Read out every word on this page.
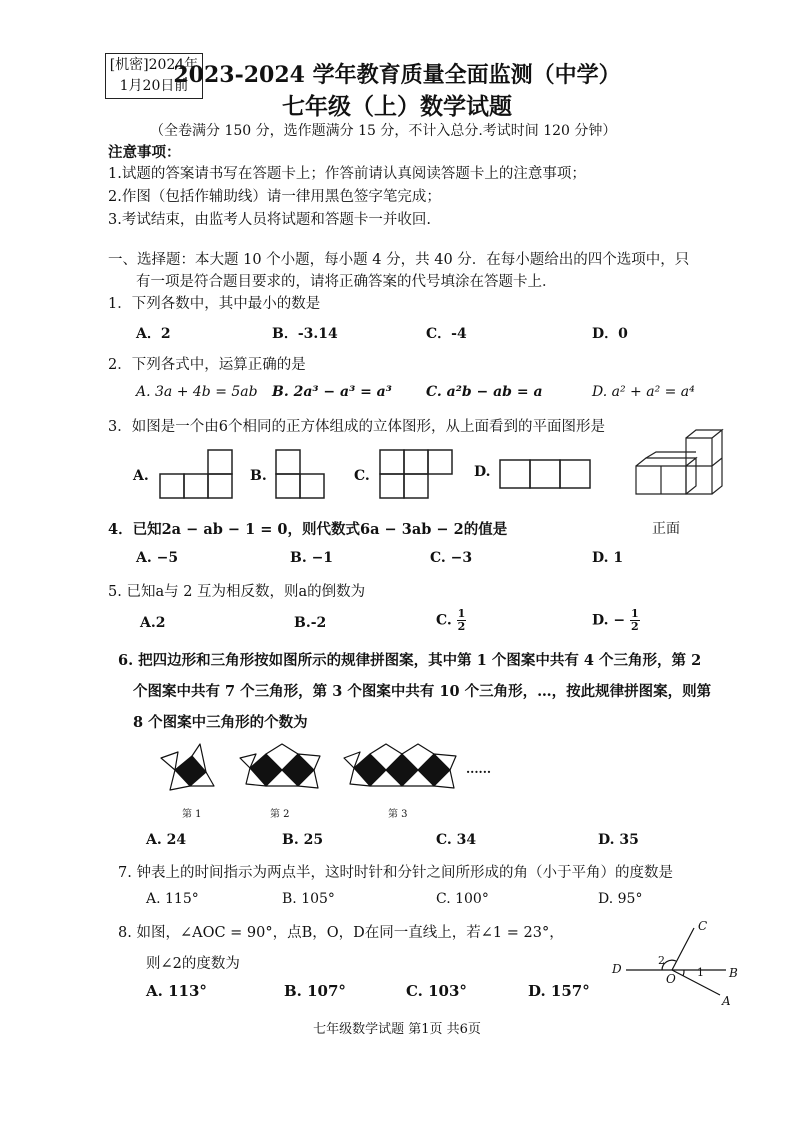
[机密]2024年
1月20日前
2023-2024 学年教育质量全面监测（中学）
七年级（上）数学试题
（全卷满分 150 分，选作题满分 15 分，不计入总分.考试时间 120 分钟）
注意事项：
1.试题的答案请书写在答题卡上；作答前请认真阅读答题卡上的注意事项；
2.作图（包括作辅助线）请一律用黑色签字笔完成；
3.考试结束，由监考人员将试题和答题卡一并收回.
一、选择题：本大题 10 个小题，每小题 4 分，共 40 分．在每小题给出的四个选项中，只
有一项是符合题目要求的，请将正确答案的代号填涂在答题卡上．
1．下列各数中，其中最小的数是
A．2	B．-3.14	C．-4	D．0
2．下列各式中，运算正确的是
A. 3a + 4b = 5ab B. 2a³ − a³ = a³ C. a²b − ab = a	D. a² + a² = a⁴
3．如图是一个由6个相同的正方体组成的立体图形，从上面看到的平面图形是
A.	B.	C.	D.
正面
4．已知2a − ab − 1 = 0，则代数式6a − 3ab − 2的值是
A. −5	B. −1	C. −3	D. 1
5. 已知a与 2 互为相反数，则a的倒数为
A.2	B.-2	C. $\frac{1}{2}$	D. − $\frac{1}{2}$
6. 把四边形和三角形按如图所示的规律拼图案，其中第 1 个图案中共有 4 个三角形，第 2
个图案中共有 7 个三角形，第 3 个图案中共有 10 个三角形，…，按此规律拼图案，则第
8 个图案中三角形的个数为
......
第 1	第 2	第 3
A. 24	B. 25	C. 34	D. 35
7. 钟表上的时间指示为两点半，这时时针和分针之间所形成的角（小于平角）的度数是
A. 115°	B. 105°	C. 100°	D. 95°
8. 如图，∠AOC = 90°，点B，O，D在同一直线上，若∠1 = 23°，
则∠2的度数为
A. 113°	B. 107°	C. 103°	D. 157°
C
D	B
A
O 1
2
七年级数学试题 第1页 共6页
